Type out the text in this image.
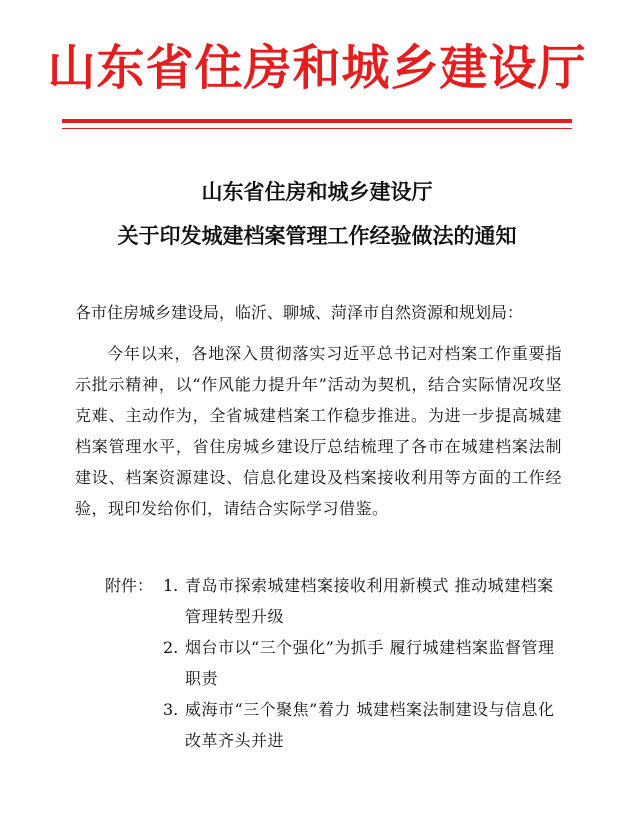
山东省住房和城乡建设厅
山东省住房和城乡建设厅
关于印发城建档案管理工作经验做法的通知
各市住房城乡建设局，临沂、聊城、菏泽市自然资源和规划局：
今年以来，各地深入贯彻落实习近平总书记对档案工作重要指示批示精神，以“作风能力提升年”活动为契机，结合实际情况攻坚克难、主动作为，全省城建档案工作稳步推进。为进一步提高城建档案管理水平，省住房城乡建设厅总结梳理了各市在城建档案法制建设、档案资源建设、信息化建设及档案接收利用等方面的工作经验，现印发给你们，请结合实际学习借鉴。
附件： 1. 青岛市探索城建档案接收利用新模式 推动城建档案管理转型升级
2. 烟台市以“三个强化”为抓手 履行城建档案监督管理职责
3. 威海市“三个聚焦”着力 城建档案法制建设与信息化改革齐头并进
